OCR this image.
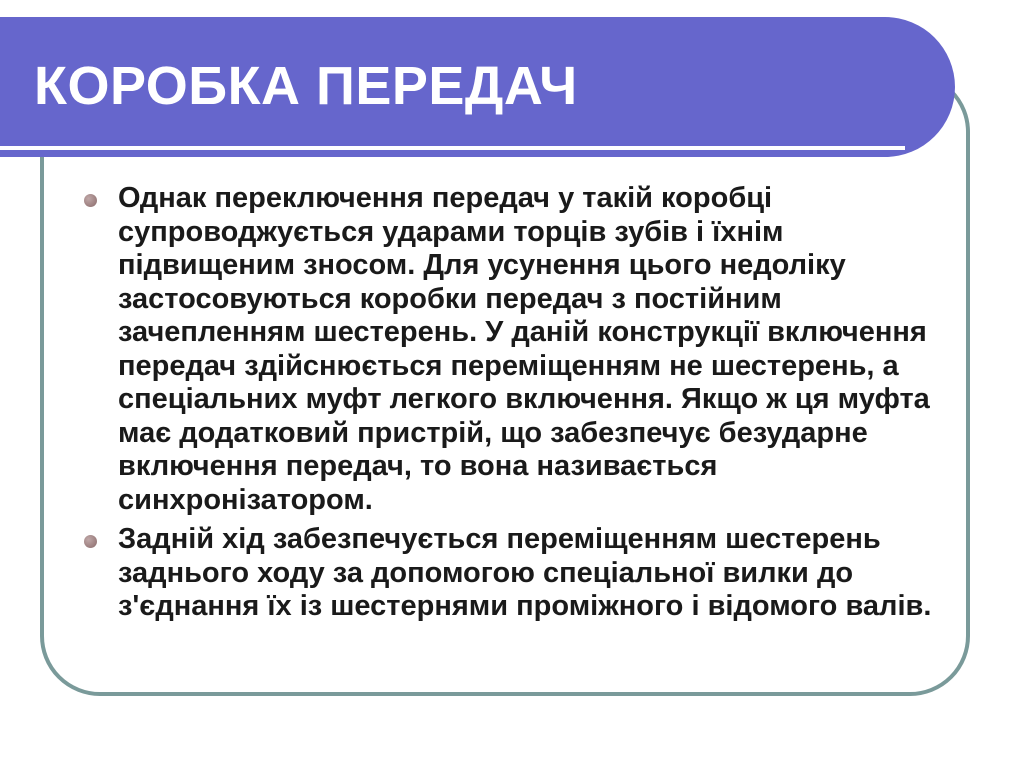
КОРОБКА ПЕРЕДАЧ
Однак переключення передач у такій коробці супроводжується ударами торців зубів і їхнім підвищеним зносом. Для усунення цього недоліку застосовуються коробки передач з постійним зачепленням шестерень. У даній конструкції включення передач здійснюється переміщенням не шестерень, а спеціальних муфт легкого включення. Якщо ж ця муфта має додатковий пристрій, що забезпечує безударне включення передач, то вона називається синхронізатором.
Задній хід забезпечується переміщенням шестерень заднього ходу за допомогою спеціальної вилки до з'єднання їх із шестернями проміжного і відомого валів.
